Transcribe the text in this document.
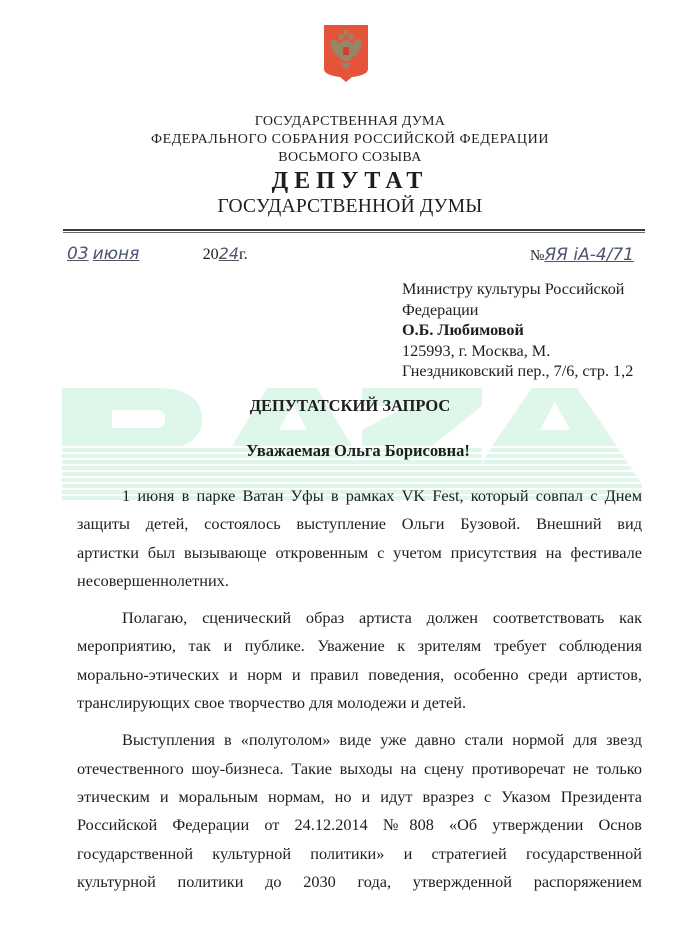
ГОСУДАРСТВЕННАЯ ДУМА
ФЕДЕРАЛЬНОГО СОБРАНИЯ РОССИЙСКОЙ ФЕДЕРАЦИИ
ВОСЬМОГО СОЗЫВА
ДЕПУТАТ
ГОСУДАРСТВЕННОЙ ДУМЫ
03 июня	2024г.	№ЯЯ іА-4/71
Министру культуры Российской
Федерации
О.Б. Любимовой
125993, г. Москва, М.
Гнездниковский пер., 7/6, стр. 1,2
ДЕПУТАТСКИЙ ЗАПРОС
Уважаемая Ольга Борисовна!
1 июня в парке Ватан Уфы в рамках VK Fest, который совпал с Днем
защиты детей, состоялось выступление Ольги Бузовой. Внешний вид
артистки был вызывающе откровенным с учетом присутствия на фестивале
несовершеннолетних.
Полагаю, сценический образ артиста должен соответствовать как
мероприятию, так и публике. Уважение к зрителям требует соблюдения
морально-этических и норм и правил поведения, особенно среди артистов,
транслирующих свое творчество для молодежи и детей.
Выступления в «полуголом» виде уже давно стали нормой для звезд
отечественного шоу-бизнеса. Такие выходы на сцену противоречат не только
этическим и моральным нормам, но и идут вразрез с Указом Президента
Российской Федерации от 24.12.2014 №808 «Об утверждении Основ
государственной культурной политики» и стратегией государственной
культурной политики до 2030 года, утвержденной распоряжением
